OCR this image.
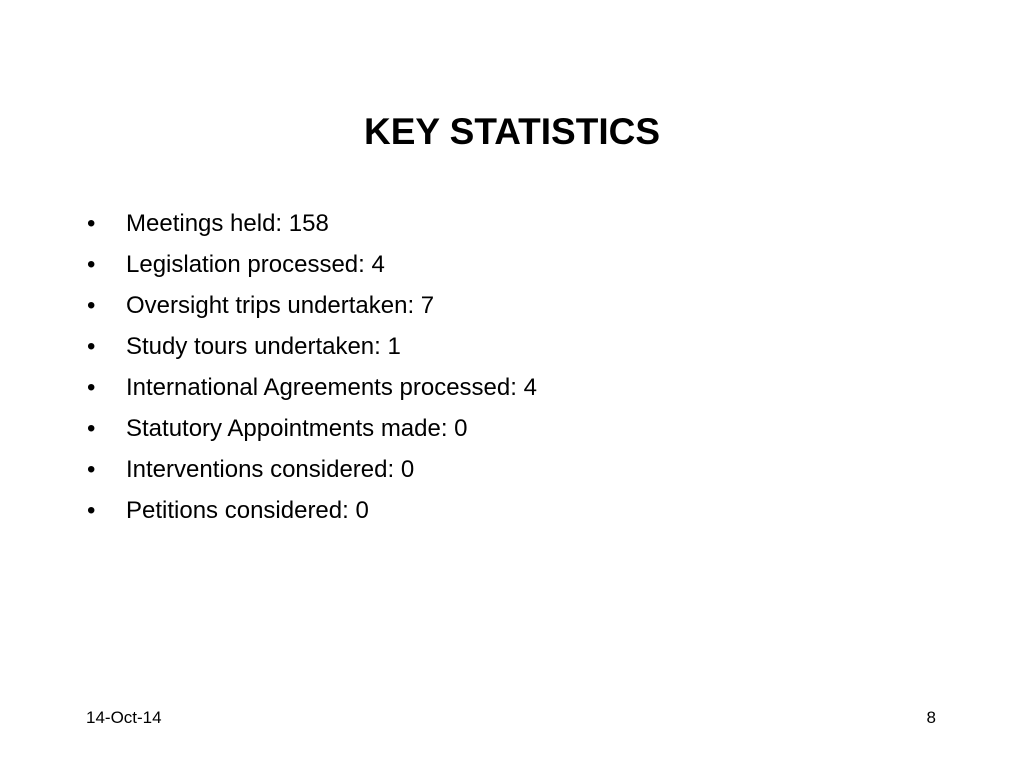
KEY STATISTICS
•	Meetings held: 158
•	Legislation processed: 4
•	Oversight trips undertaken: 7
•	Study tours undertaken: 1
•	International Agreements processed: 4
•	Statutory Appointments made: 0
•	Interventions considered: 0
•	Petitions considered: 0
14-Oct-14	8
